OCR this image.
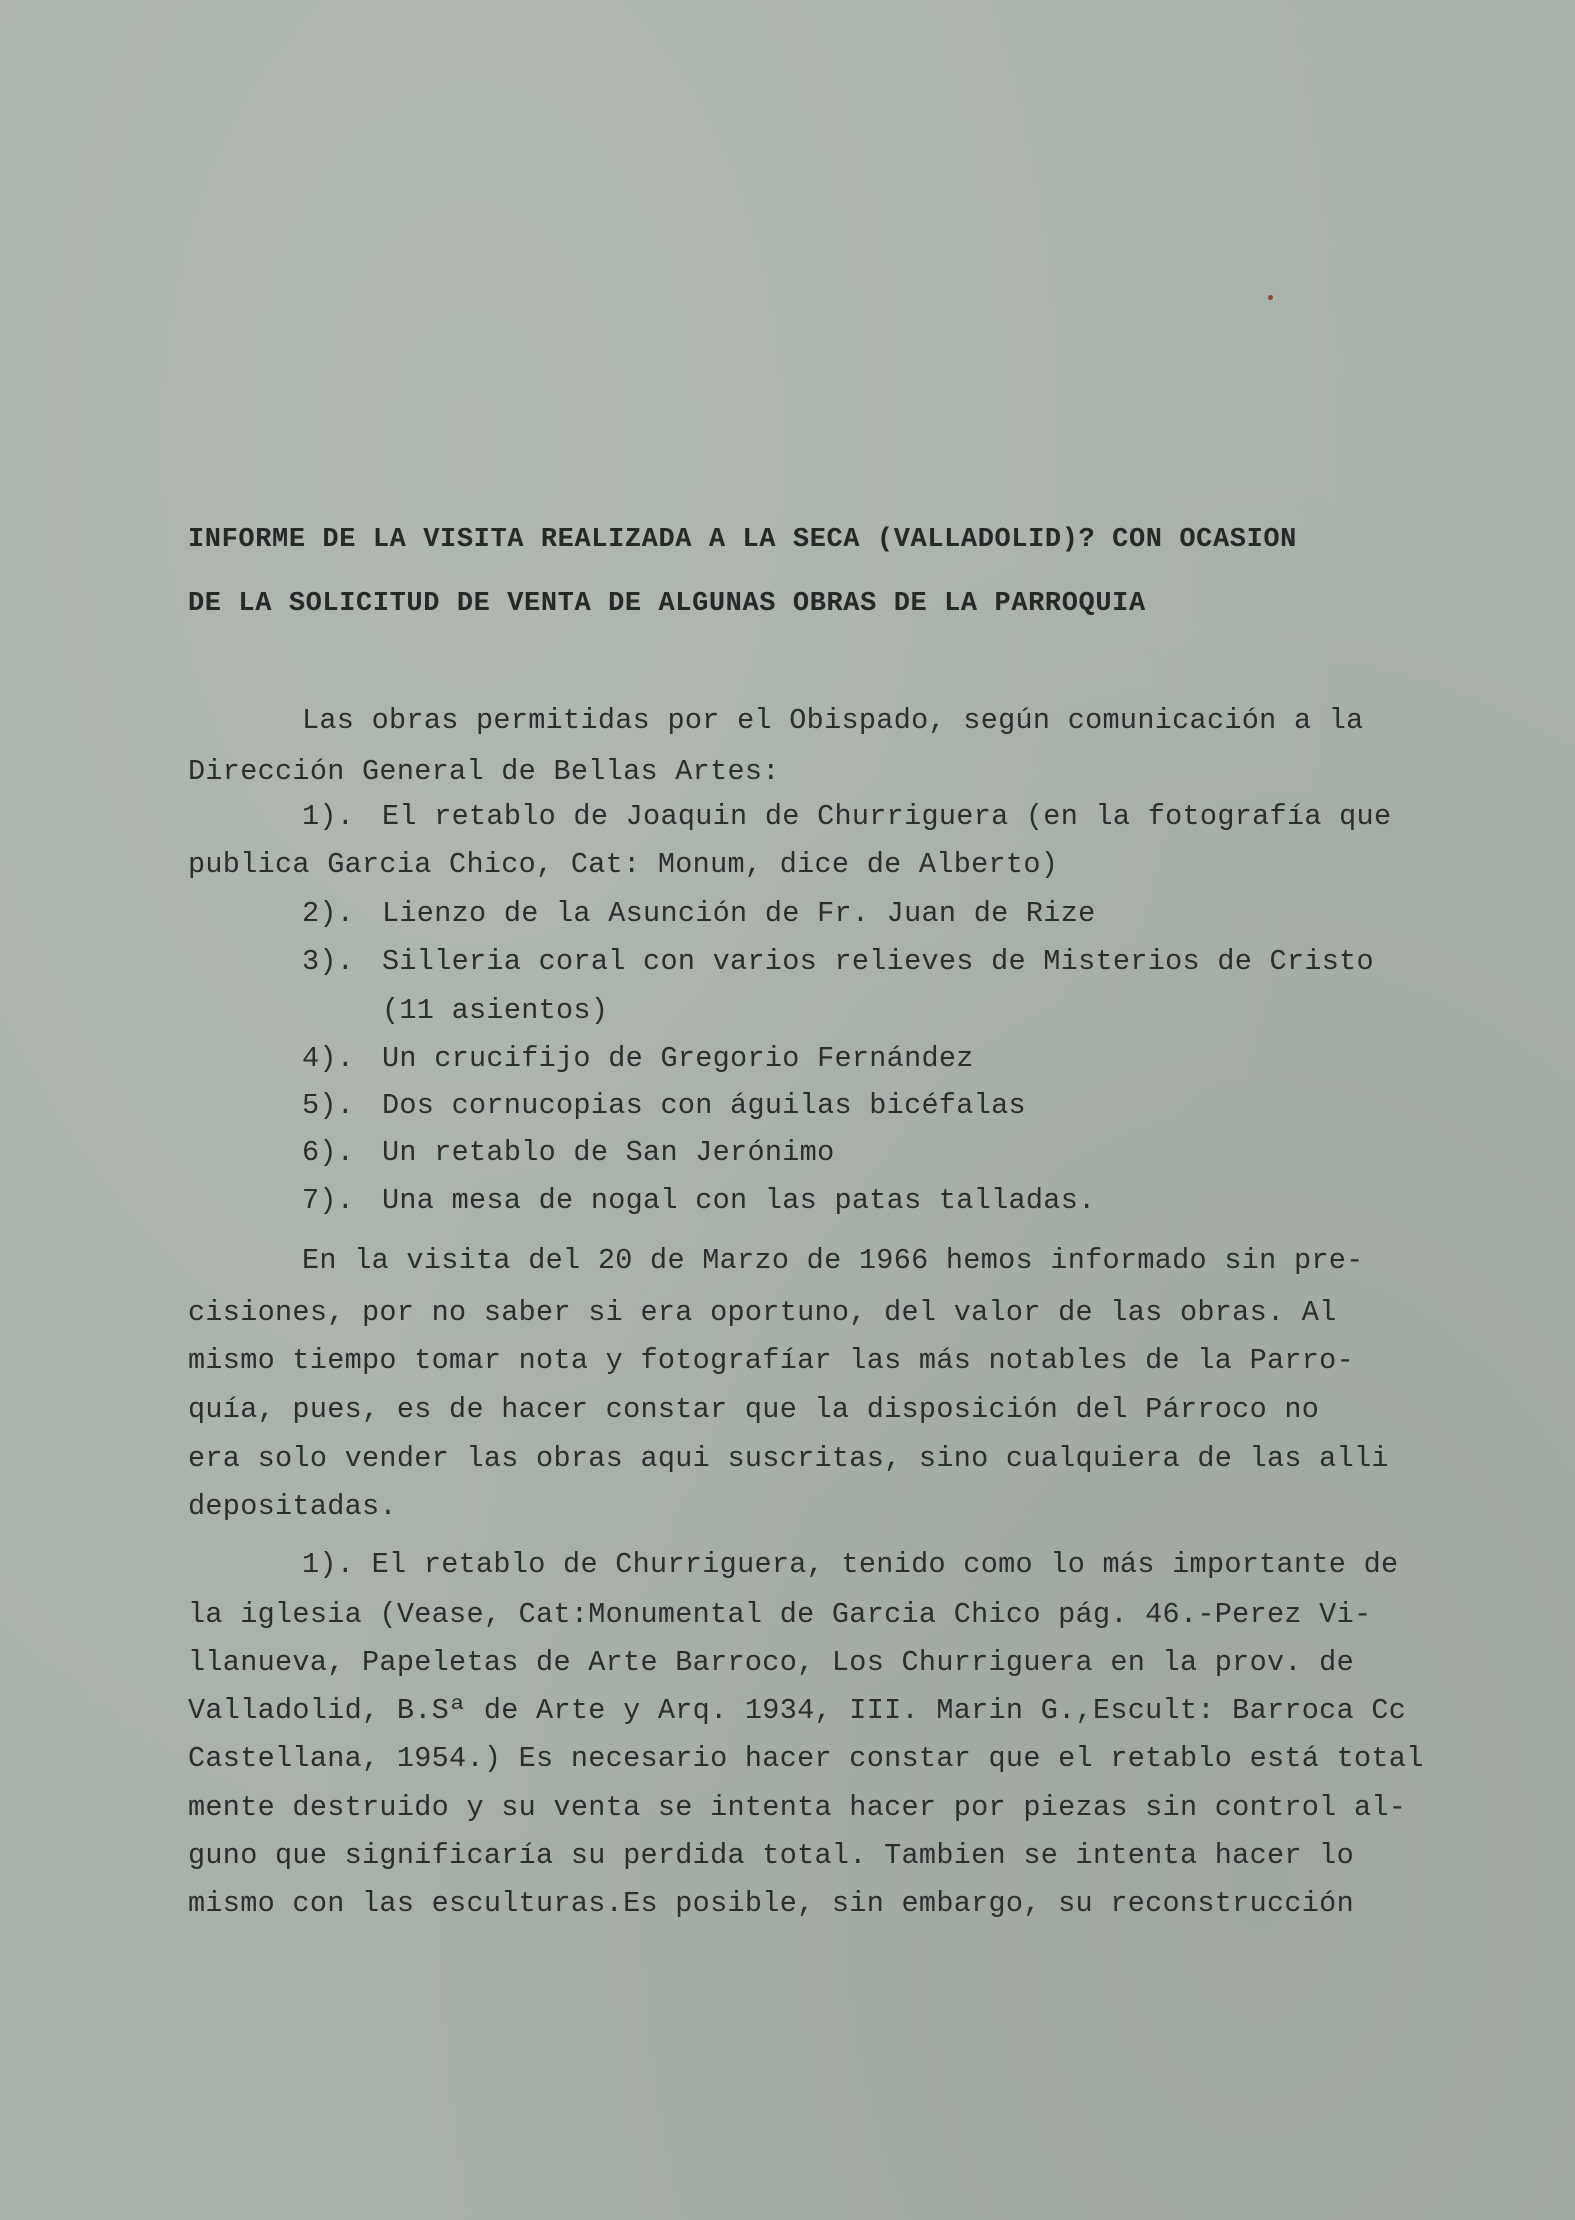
INFORME DE LA VISITA REALIZADA A LA SECA (VALLADOLID)? CON OCASION
DE LA SOLICITUD DE VENTA DE ALGUNAS OBRAS DE LA PARROQUIA
Las obras permitidas por el Obispado, según comunicación a la
Dirección General de Bellas Artes:
1). El retablo de Joaquin de Churriguera (en la fotografía que
publica Garcia Chico, Cat: Monum, dice de Alberto)
2). Lienzo de la Asunción de Fr. Juan de Rize
3). Silleria coral con varios relieves de Misterios de Cristo
(11 asientos)
4). Un crucifijo de Gregorio Fernández
5). Dos cornucopias con águilas bicéfalas
6). Un retablo de San Jerónimo
7). Una mesa de nogal con las patas talladas.
En la visita del 20 de Marzo de 1966 hemos informado sin pre-
cisiones, por no saber si era oportuno, del valor de las obras. Al
mismo tiempo tomar nota y fotografíar las más notables de la Parro-
quía, pues, es de hacer constar que la disposición del Párroco no
era solo vender las obras aqui suscritas, sino cualquiera de las alli
depositadas.
1). El retablo de Churriguera, tenido como lo más importante de
la iglesia (Vease, Cat:Monumental de Garcia Chico pág. 46.-Perez Vi-
llanueva, Papeletas de Arte Barroco, Los Churriguera en la prov. de
Valladolid, B.Sª de Arte y Arq. 1934, III. Marin G.,Escult: Barroca Cc
Castellana, 1954.) Es necesario hacer constar que el retablo está total
mente destruido y su venta se intenta hacer por piezas sin control al-
guno que significaría su perdida total. Tambien se intenta hacer lo
mismo con las esculturas.Es posible, sin embargo, su reconstrucción
